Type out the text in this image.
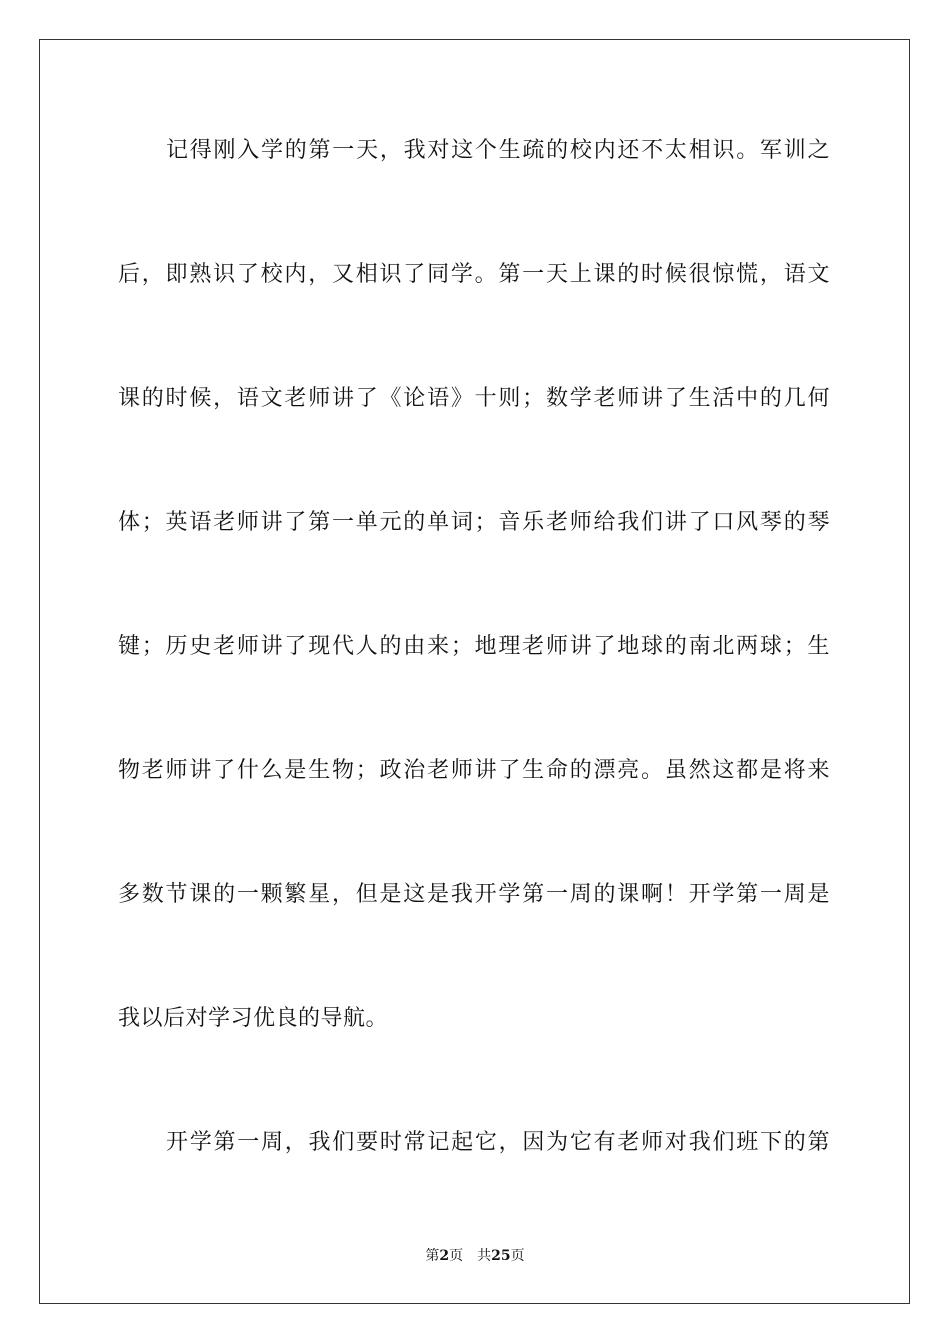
记得刚入学的第一天，我对这个生疏的校内还不太相识。军训之
后，即熟识了校内，又相识了同学。第一天上课的时候很惊慌，语文
课的时候，语文老师讲了《论语》十则；数学老师讲了生活中的几何
体；英语老师讲了第一单元的单词；音乐老师给我们讲了口风琴的琴
键；历史老师讲了现代人的由来；地理老师讲了地球的南北两球；生
物老师讲了什么是生物；政治老师讲了生命的漂亮。虽然这都是将来
多数节课的一颗繁星，但是这是我开学第一周的课啊！开学第一周是
我以后对学习优良的导航。
开学第一周，我们要时常记起它，因为它有老师对我们班下的第
第2页 共25页
